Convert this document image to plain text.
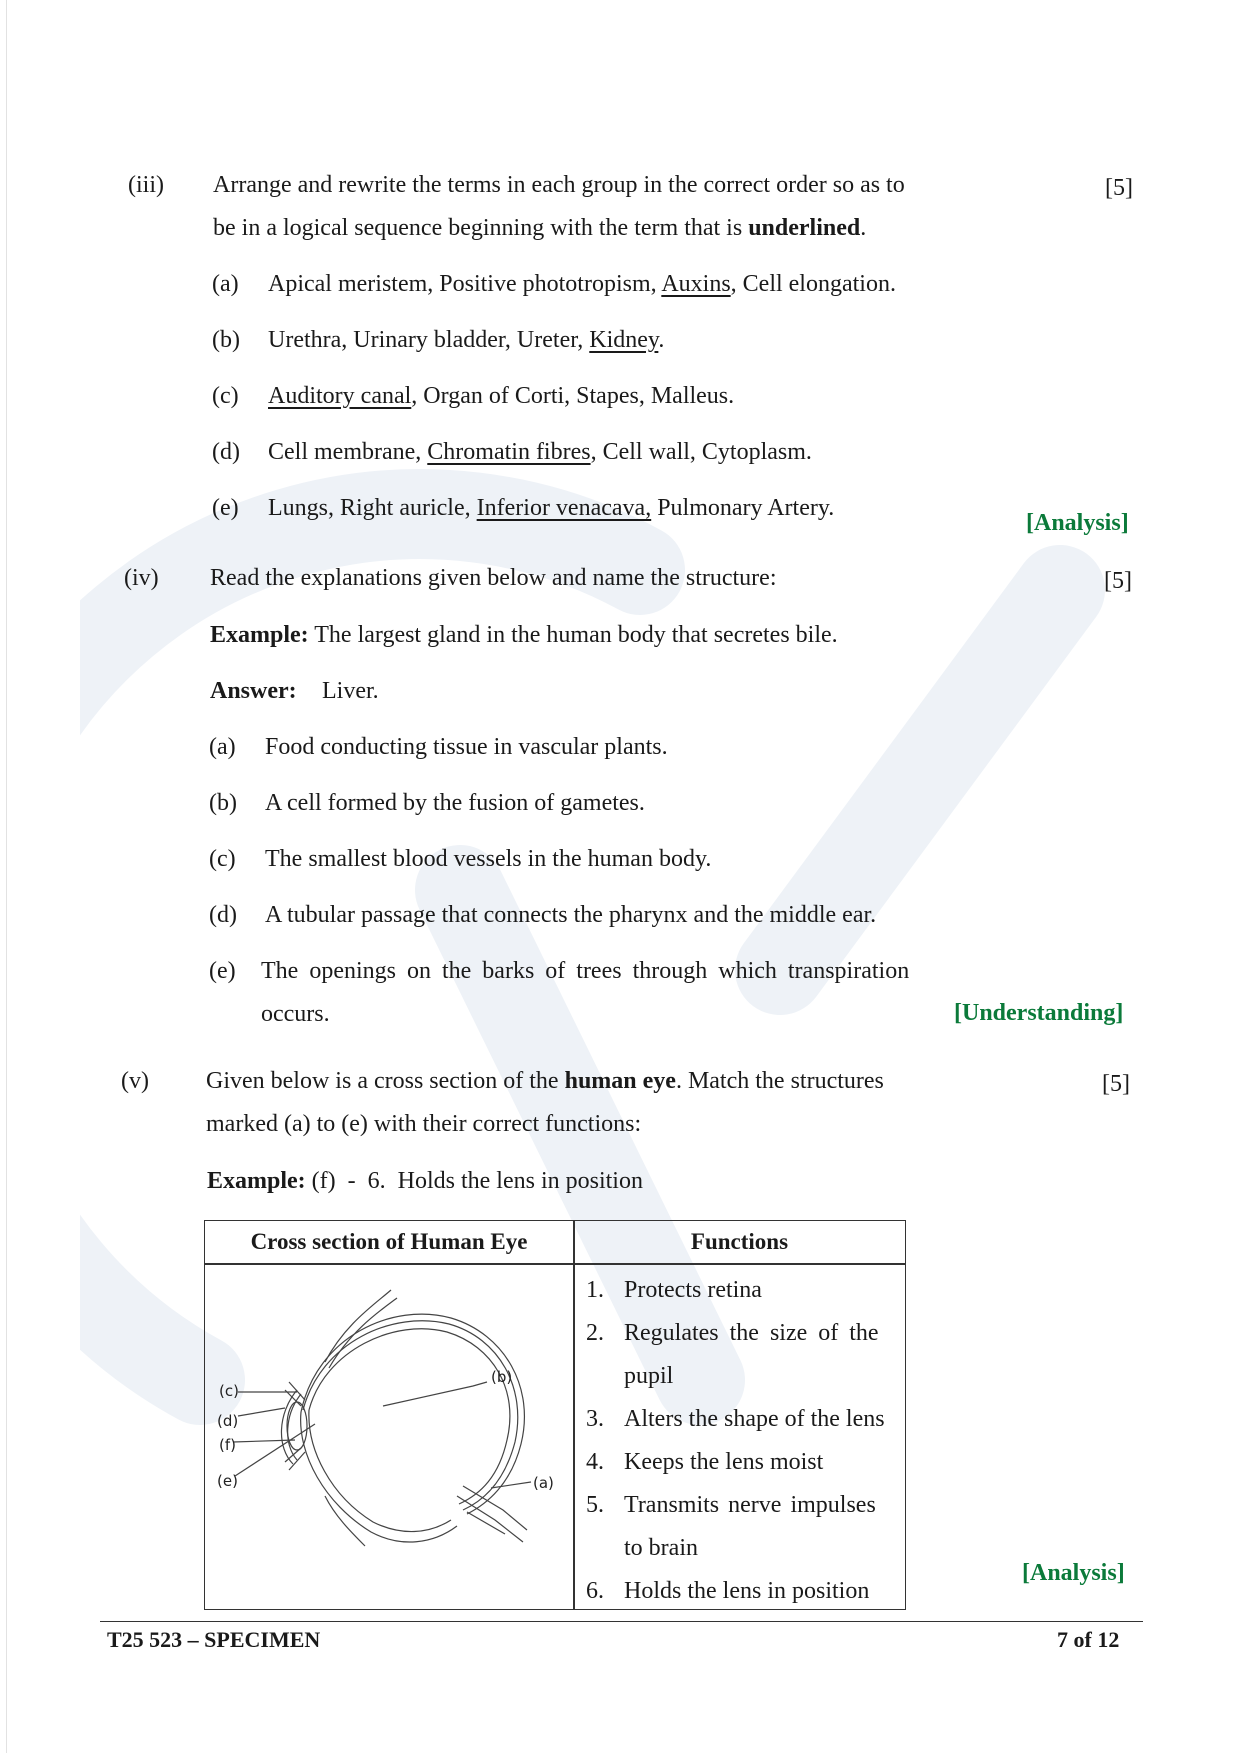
(iii) Arrange and rewrite the terms in each group in the correct order so as to	[5]
be in a logical sequence beginning with the term that is underlined.
(a) Apical meristem, Positive phototropism, Auxins, Cell elongation.
(b) Urethra, Urinary bladder, Ureter, Kidney.
(c) Auditory canal, Organ of Corti, Stapes, Malleus.
(d) Cell membrane, Chromatin fibres, Cell wall, Cytoplasm.
(e) Lungs, Right auricle, Inferior venacava, Pulmonary Artery.
[Analysis]
(iv) Read the explanations given below and name the structure:	[5]
Example: The largest gland in the human body that secretes bile.
Answer: Liver.
(a) Food conducting tissue in vascular plants.
(b) A cell formed by the fusion of gametes.
(c) The smallest blood vessels in the human body.
(d) A tubular passage that connects the pharynx and the middle ear.
(e) The openings on the barks of trees through which transpiration
occurs.	[Understanding]
(v) Given below is a cross section of the human eye. Match the structures	[5]
marked (a) to (e) with their correct functions:
Example: (f)  -  6.  Holds the lens in position
Cross section of Human Eye	Functions
(c)
(d)
(f)
(e)
(b)
(a)
1. Protects retina
2. Regulates the size of the
pupil
3. Alters the shape of the lens
4. Keeps the lens moist
5. Transmits nerve impulses
to brain
6. Holds the lens in position
[Analysis]
T25 523 – SPECIMEN	7 of 12
